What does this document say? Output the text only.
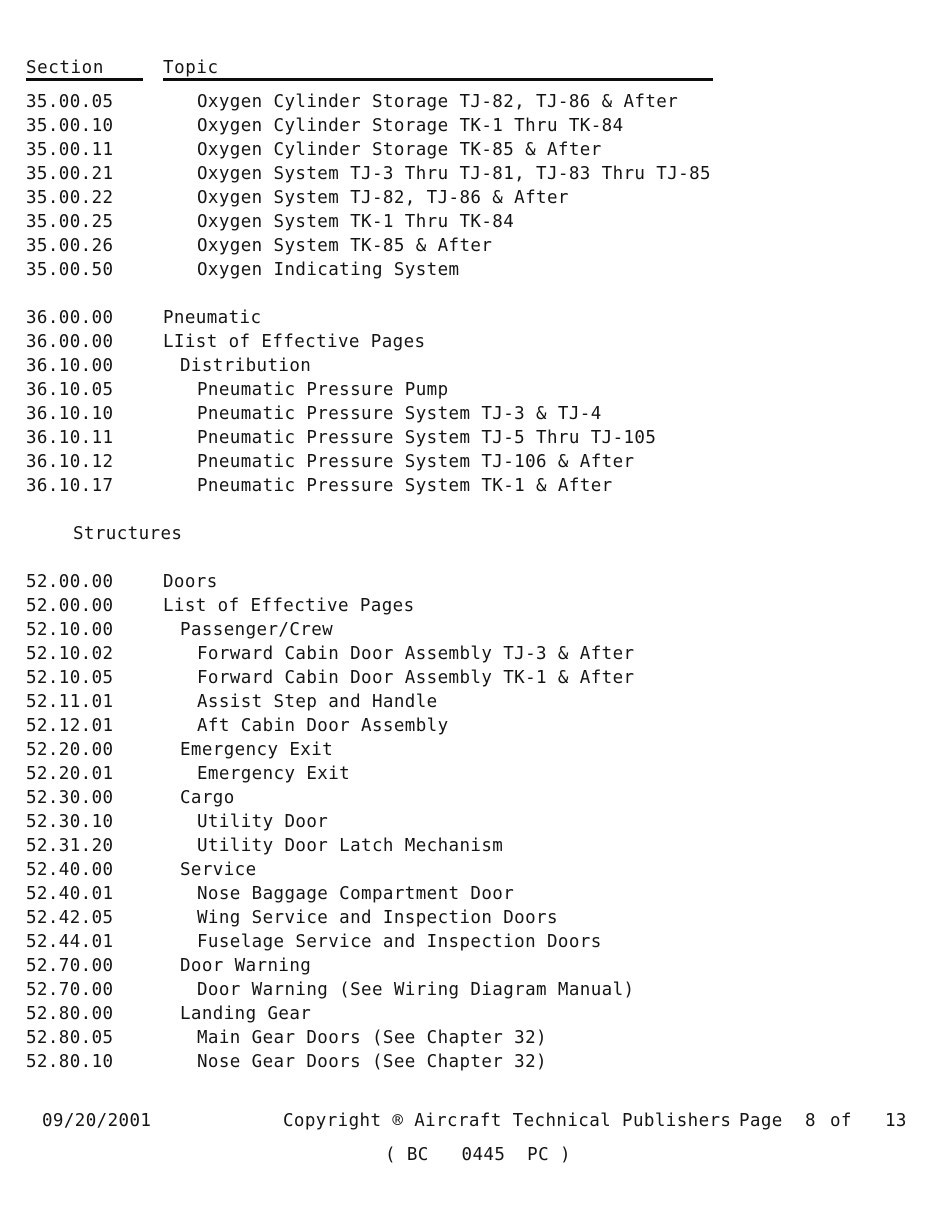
Section	Topic
35.00.05	Oxygen Cylinder Storage TJ-82, TJ-86 & After
35.00.10	Oxygen Cylinder Storage TK-1 Thru TK-84
35.00.11	Oxygen Cylinder Storage TK-85 & After
35.00.21	Oxygen System TJ-3 Thru TJ-81, TJ-83 Thru TJ-85
35.00.22	Oxygen System TJ-82, TJ-86 & After
35.00.25	Oxygen System TK-1 Thru TK-84
35.00.26	Oxygen System TK-85 & After
35.00.50	Oxygen Indicating System
36.00.00	Pneumatic
36.00.00	LIist of Effective Pages
36.10.00	Distribution
36.10.05	Pneumatic Pressure Pump
36.10.10	Pneumatic Pressure System TJ-3 & TJ-4
36.10.11	Pneumatic Pressure System TJ-5 Thru TJ-105
36.10.12	Pneumatic Pressure System TJ-106 & After
36.10.17	Pneumatic Pressure System TK-1 & After
Structures
52.00.00	Doors
52.00.00	List of Effective Pages
52.10.00	Passenger/Crew
52.10.02	Forward Cabin Door Assembly TJ-3 & After
52.10.05	Forward Cabin Door Assembly TK-1 & After
52.11.01	Assist Step and Handle
52.12.01	Aft Cabin Door Assembly
52.20.00	Emergency Exit
52.20.01	Emergency Exit
52.30.00	Cargo
52.30.10	Utility Door
52.31.20	Utility Door Latch Mechanism
52.40.00	Service
52.40.01	Nose Baggage Compartment Door
52.42.05	Wing Service and Inspection Doors
52.44.01	Fuselage Service and Inspection Doors
52.70.00	Door Warning
52.70.00	Door Warning (See Wiring Diagram Manual)
52.80.00	Landing Gear
52.80.05	Main Gear Doors (See Chapter 32)
52.80.10	Nose Gear Doors (See Chapter 32)
09/20/2001	Copyright ® Aircraft Technical Publishers Page 8 of 13
( BC   0445  PC )
